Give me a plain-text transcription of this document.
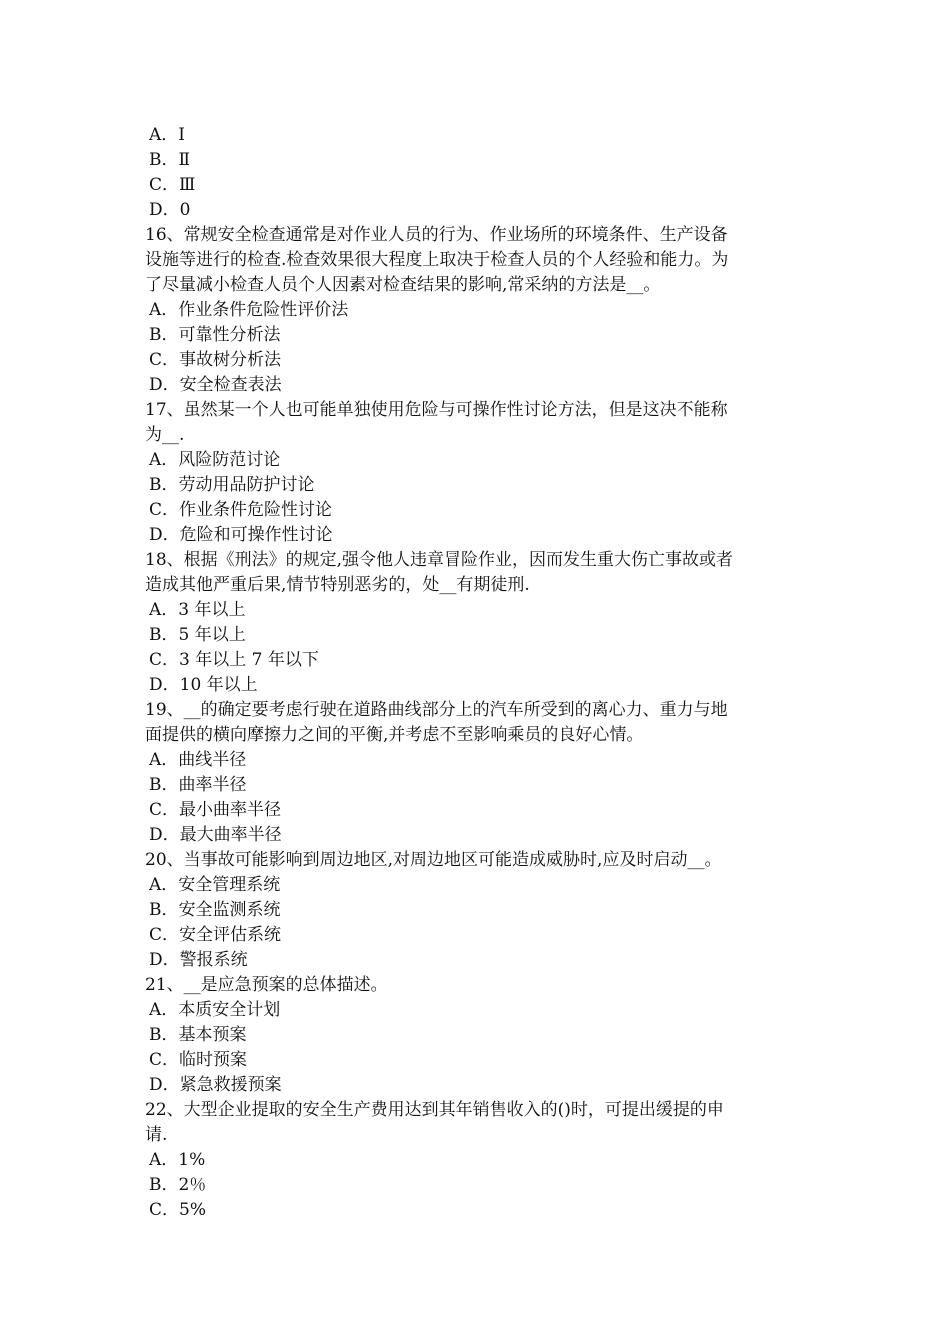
A．Ⅰ
B．Ⅱ
C．Ⅲ
D．0
16、常规安全检查通常是对作业人员的行为、作业场所的环境条件、生产设备
设施等进行的检查.检查效果很大程度上取决于检查人员的个人经验和能力。为
了尽量减小检查人员个人因素对检查结果的影响,常采纳的方法是__。
A．作业条件危险性评价法
B．可靠性分析法
C．事故树分析法
D．安全检查表法
17、虽然某一个人也可能单独使用危险与可操作性讨论方法，但是这决不能称
为__.
A．风险防范讨论
B．劳动用品防护讨论
C．作业条件危险性讨论
D．危险和可操作性讨论
18、根据《刑法》的规定,强令他人违章冒险作业，因而发生重大伤亡事故或者
造成其他严重后果,情节特别恶劣的，处__有期徒刑.
A．3 年以上
B．5 年以上
C．3 年以上 7 年以下
D．10 年以上
19、__的确定要考虑行驶在道路曲线部分上的汽车所受到的离心力、重力与地
面提供的横向摩擦力之间的平衡,并考虑不至影响乘员的良好心情。
A．曲线半径
B．曲率半径
C．最小曲率半径
D．最大曲率半径
20、当事故可能影响到周边地区,对周边地区可能造成威胁时,应及时启动__。
A．安全管理系统
B．安全监测系统
C．安全评估系统
D．警报系统
21、__是应急预案的总体描述。
A．本质安全计划
B．基本预案
C．临时预案
D．紧急救援预案
22、大型企业提取的安全生产费用达到其年销售收入的()时，可提出缓提的申
请.
A．1%
B．2％
C．5%
